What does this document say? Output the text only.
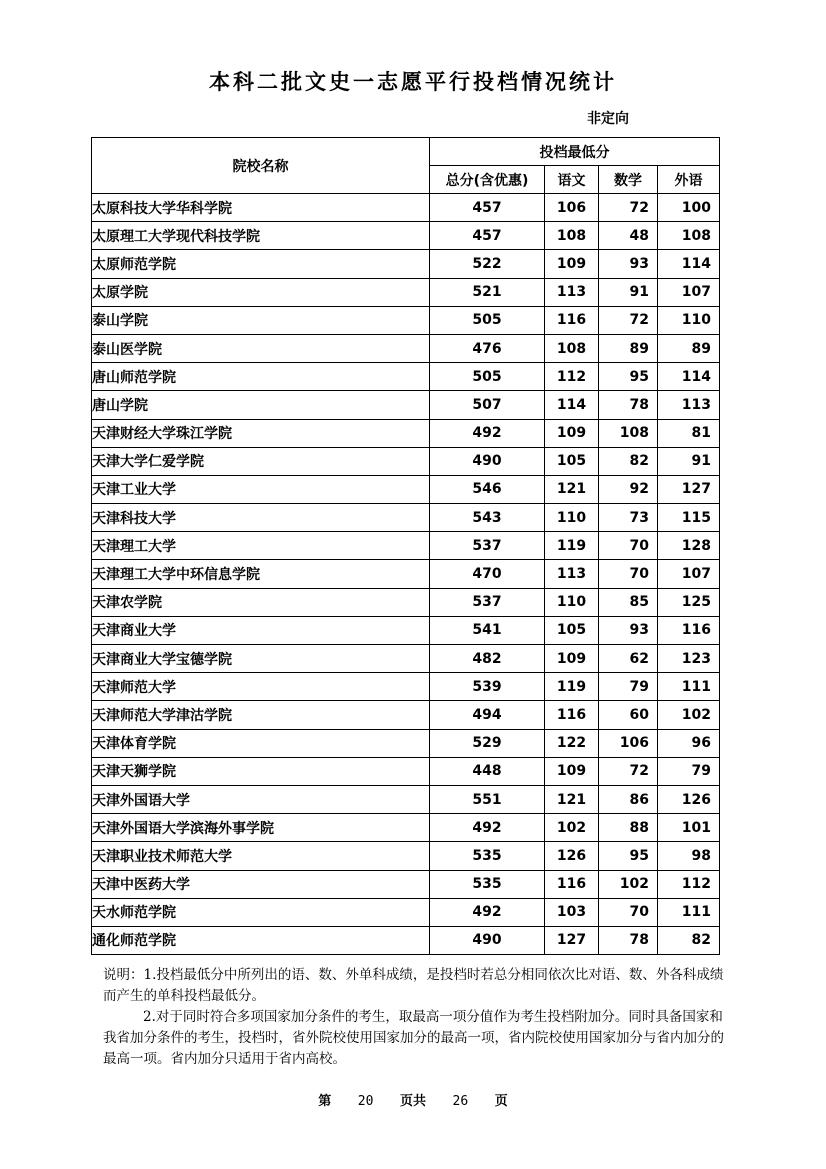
本科二批文史一志愿平行投档情况统计
非定向
院校名称	投档最低分			
	总分(含优惠)	语文	数学	外语
太原科技大学华科学院	457	106	72	100
太原理工大学现代科技学院	457	108	48	108
太原师范学院	522	109	93	114
太原学院	521	113	91	107
泰山学院	505	116	72	110
泰山医学院	476	108	89	89
唐山师范学院	505	112	95	114
唐山学院	507	114	78	113
天津财经大学珠江学院	492	109	108	81
天津大学仁爱学院	490	105	82	91
天津工业大学	546	121	92	127
天津科技大学	543	110	73	115
天津理工大学	537	119	70	128
天津理工大学中环信息学院	470	113	70	107
天津农学院	537	110	85	125
天津商业大学	541	105	93	116
天津商业大学宝德学院	482	109	62	123
天津师范大学	539	119	79	111
天津师范大学津沽学院	494	116	60	102
天津体育学院	529	122	106	96
天津天狮学院	448	109	72	79
天津外国语大学	551	121	86	126
天津外国语大学滨海外事学院	492	102	88	101
天津职业技术师范大学	535	126	95	98
天津中医药大学	535	116	102	112
天水师范学院	492	103	70	111
通化师范学院	490	127	78	82

说明：1.投档最低分中所列出的语、数、外单科成绩，是投档时若总分相同依次比对语、数、外各科成绩而产生的单科投档最低分。

2.对于同时符合多项国家加分条件的考生，取最高一项分值作为考生投档附加分。同时具备国家和我省加分条件的考生，投档时，省外院校使用国家加分的最高一项，省内院校使用国家加分与省内加分的最高一项。省内加分只适用于省内高校。

第 20 页共 26 页
